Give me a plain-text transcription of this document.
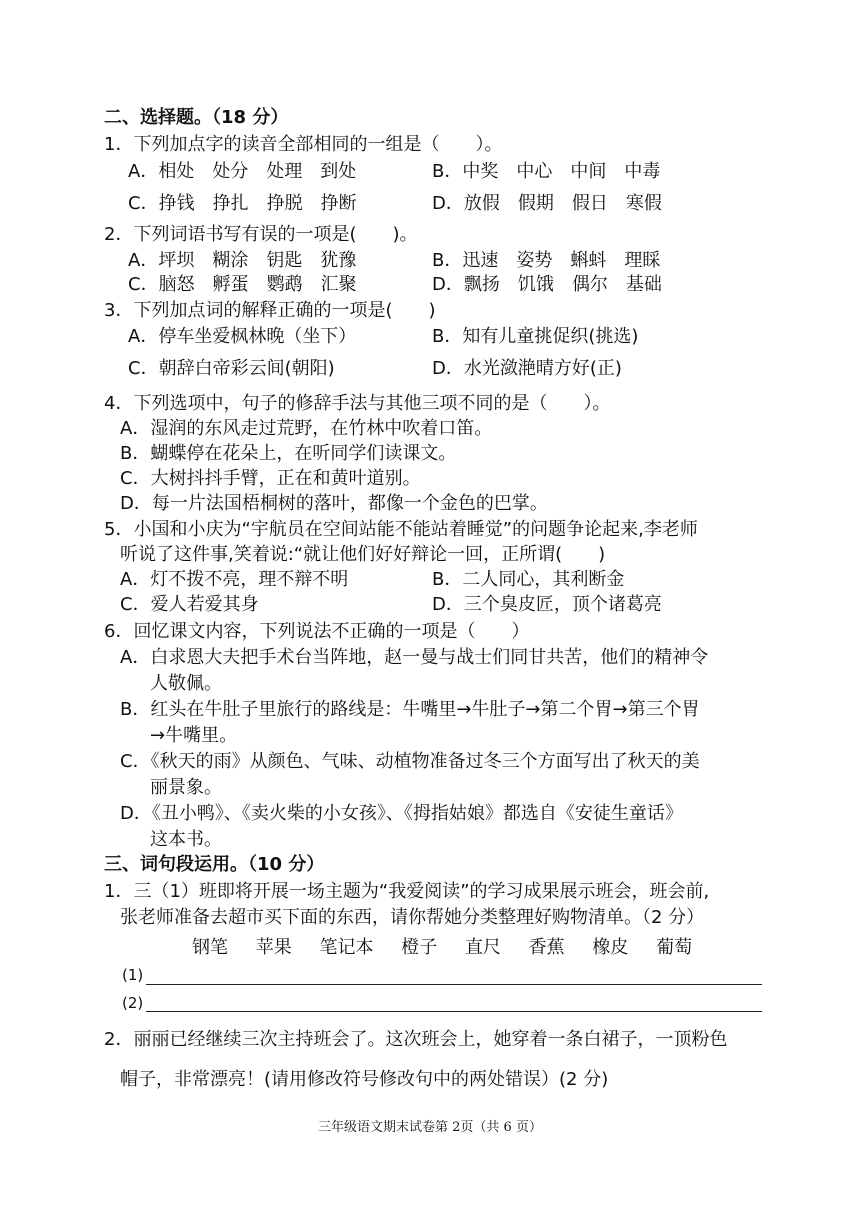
二、选择题。（18 分）
1．下列加点字的读音全部相同的一组是（　　）。
A．相处　处分　处理　到处	B．中奖　中心　中间　中毒
C．挣钱　挣扎　挣脱　挣断	D．放假　假期　假日　寒假
2．下列词语书写有误的一项是(　　)。
A．坪坝　糊涂　钥匙　犹豫	B．迅速　姿势　蝌蚪　理睬
C．脑怒　孵蛋　鹦鹉　汇聚	D．飘扬　饥饿　偶尔　基础
3．下列加点词的解释正确的一项是(　　)
A．停车坐爱枫林晚（坐下）	B．知有儿童挑促织(挑选)
C．朝辞白帝彩云间(朝阳)	D．水光潋滟晴方好(正)
4．下列选项中，句子的修辞手法与其他三项不同的是（　　）。
A．湿润的东风走过荒野，在竹林中吹着口笛。
B．蝴蝶停在花朵上，在听同学们读课文。
C．大树抖抖手臂，正在和黄叶道别。
D．每一片法国梧桐树的落叶，都像一个金色的巴掌。
5．小国和小庆为“宇航员在空间站能不能站着睡觉”的问题争论起来,李老师
听说了这件事,笑着说:“就让他们好好辩论一回，正所谓(　　)
A．灯不拨不亮，理不辩不明	B．二人同心，其利断金
C．爱人若爱其身	D．三个臭皮匠，顶个诸葛亮
6．回忆课文内容，下列说法不正确的一项是（　　）
A．白求恩大夫把手术台当阵地，赵一曼与战士们同甘共苦，他们的精神令
人敬佩。
B．红头在牛肚子里旅行的路线是：牛嘴里→牛肚子→第二个胃→第三个胃
→牛嘴里。
C．《秋天的雨》从颜色、气味、动植物准备过冬三个方面写出了秋天的美
丽景象。
D．《丑小鸭》、《卖火柴的小女孩》、《拇指姑娘》都选自《安徒生童话》
这本书。
三、词句段运用。（10 分）
1．三（1）班即将开展一场主题为“我爱阅读”的学习成果展示班会，班会前,
张老师准备去超市买下面的东西，请你帮她分类整理好购物清单。（2 分）
钢笔 苹果 笔记本 橙子 直尺 香蕉 橡皮 葡萄
(1)
(2)
2．丽丽已经继续三次主持班会了。这次班会上，她穿着一条白裙子，一顶粉色
帽子，非常漂亮！(请用修改符号修改句中的两处错误）(2 分)
三年级语文期末试卷第 2页（共 6 页）
